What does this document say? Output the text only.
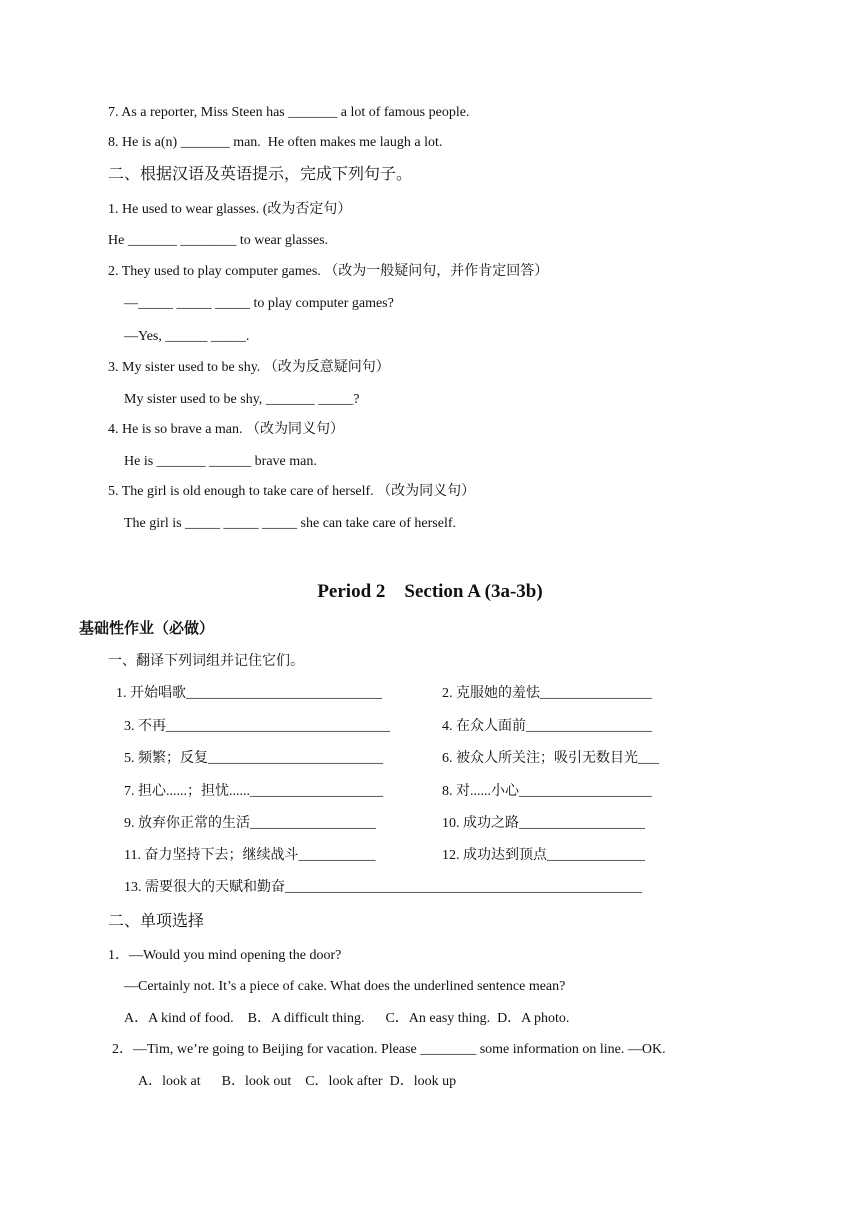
7. As a reporter, Miss Steen has _______ a lot of famous people.
8. He is a(n) _______ man.  He often makes me laugh a lot.
二、根据汉语及英语提示，完成下列句子。
1. He used to wear glasses. (改为否定句）
He _______ ________ to wear glasses.
2. They used to play computer games. （改为一般疑问句，并作肯定回答）
—_____ _____ _____ to play computer games?
—Yes, ______ _____.
3. My sister used to be shy. （改为反意疑问句）
My sister used to be shy, _______ _____?
4. He is so brave a man. （改为同义句）
He is _______ ______ brave man.
5. The girl is old enough to take care of herself. （改为同义句）
The girl is _____ _____ _____ she can take care of herself.
Period 2    Section A (3a-3b)
基础性作业（必做）
一、翻译下列词组并记住它们。
1. 开始唱歌____________________________	2. 克服她的羞怯________________
3. 不再________________________________	4. 在众人面前__________________
5. 频繁；反复_________________________	6. 被众人所关注；吸引无数目光___
7. 担心......；担忧......___________________	8. 对......小心___________________
9. 放弃你正常的生活__________________	10. 成功之路__________________
11. 奋力坚持下去；继续战斗___________	12. 成功达到顶点______________
13. 需要很大的天赋和勤奋___________________________________________________
二、单项选择
1．—Would you mind opening the door?
—Certainly not. It’s a piece of cake. What does the underlined sentence mean?
A．A kind of food.    B．A difficult thing.      C．An easy thing.  D．A photo.
2．—Tim, we’re going to Beijing for vacation. Please ________ some information on line. —OK.
A．look at      B．look out    C．look after  D．look up
